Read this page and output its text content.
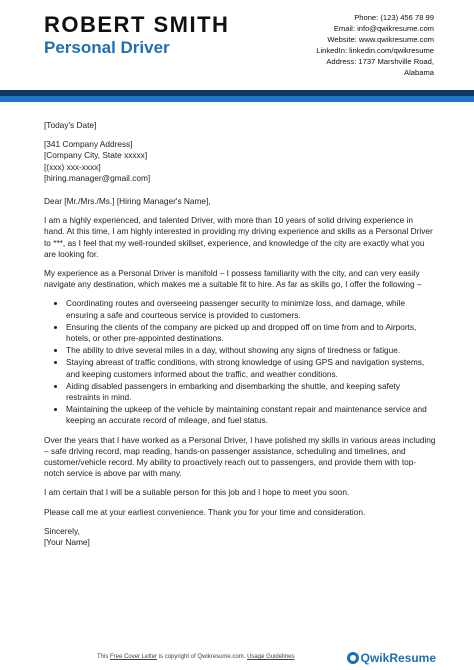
ROBERT SMITH
Personal Driver
Phone: (123) 456 78 99
Email: info@qwikresume.com
Website: www.qwikresume.com
LinkedIn: linkedin.com/qwikresume
Address: 1737 Marshville Road,
Alabama

[Today's Date]

[341 Company Address]
[Company City, State xxxxx]
[(xxx) xxx-xxxx]
[hiring.manager@gmail.com]

Dear [Mr./Mrs./Ms.] [Hiring Manager's Name],

I am a highly experienced, and talented Driver, with more than 10 years of solid driving experience in hand. At this time, I am highly interested in providing my driving experience and skills as a Personal Driver to ***, as I feel that my well-rounded skillset, experience, and knowledge of the city are exactly what you are looking for.

My experience as a Personal Driver is manifold – I possess familiarity with the city, and can very easily navigate any destination, which makes me a suitable fit to hire. As far as skills go, I offer the following –

• Coordinating routes and overseeing passenger security to minimize loss, and damage, while ensuring a safe and courteous service is provided to customers.
• Ensuring the clients of the company are picked up and dropped off on time from and to Airports, hotels, or other pre-appointed destinations.
• The ability to drive several miles in a day, without showing any signs of tiredness or fatigue.
• Staying abreast of traffic conditions, with strong knowledge of using GPS and navigation systems, and keeping customers informed about the traffic, and weather conditions.
• Aiding disabled passengers in embarking and disembarking the shuttle, and keeping safety restraints in mind.
• Maintaining the upkeep of the vehicle by maintaining constant repair and maintenance service and keeping an accurate record of mileage, and fuel status.

Over the years that I have worked as a Personal Driver, I have polished my skills in various areas including – safe driving record, map reading, hands-on passenger assistance, scheduling and timelines, and customer/vehicle record. My ability to proactively reach out to passengers, and provide them with top-notch service is above par with many.

I am certain that I will be a suitable person for this job and I hope to meet you soon.

Please call me at your earliest convenience. Thank you for your time and consideration.

Sincerely,
[Your Name]
This Free Cover Letter is copyright of Qwikresume.com. Usage Guidelines	Qwik Resume
